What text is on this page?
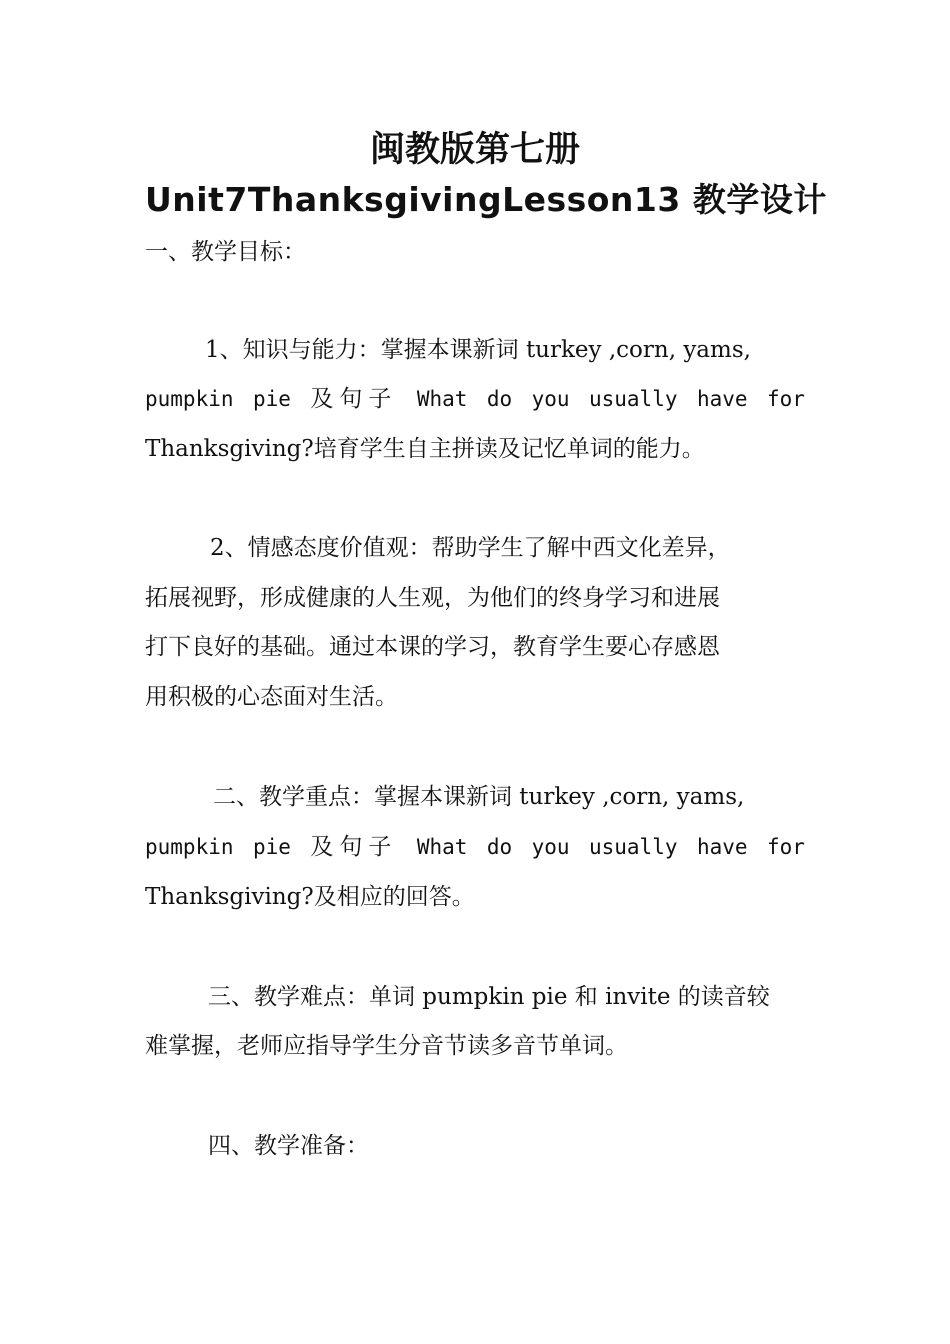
闽教版第七册
Unit7ThanksgivingLesson13 教学设计
一、教学目标：
1、知识与能力：掌握本课新词 turkey ,corn, yams,
pumpkin pie 及句子 What do you usually have for
Thanksgiving?培育学生自主拼读及记忆单词的能力。
2、情感态度价值观：帮助学生了解中西文化差异，
拓展视野，形成健康的人生观，为他们的终身学习和进展
打下良好的基础。通过本课的学习，教育学生要心存感恩
用积极的心态面对生活。
二、教学重点：掌握本课新词 turkey ,corn, yams,
pumpkin pie 及句子 What do you usually have for
Thanksgiving?及相应的回答。
三、教学难点：单词 pumpkin pie 和 invite 的读音较
难掌握，老师应指导学生分音节读多音节单词。
四、教学准备：
